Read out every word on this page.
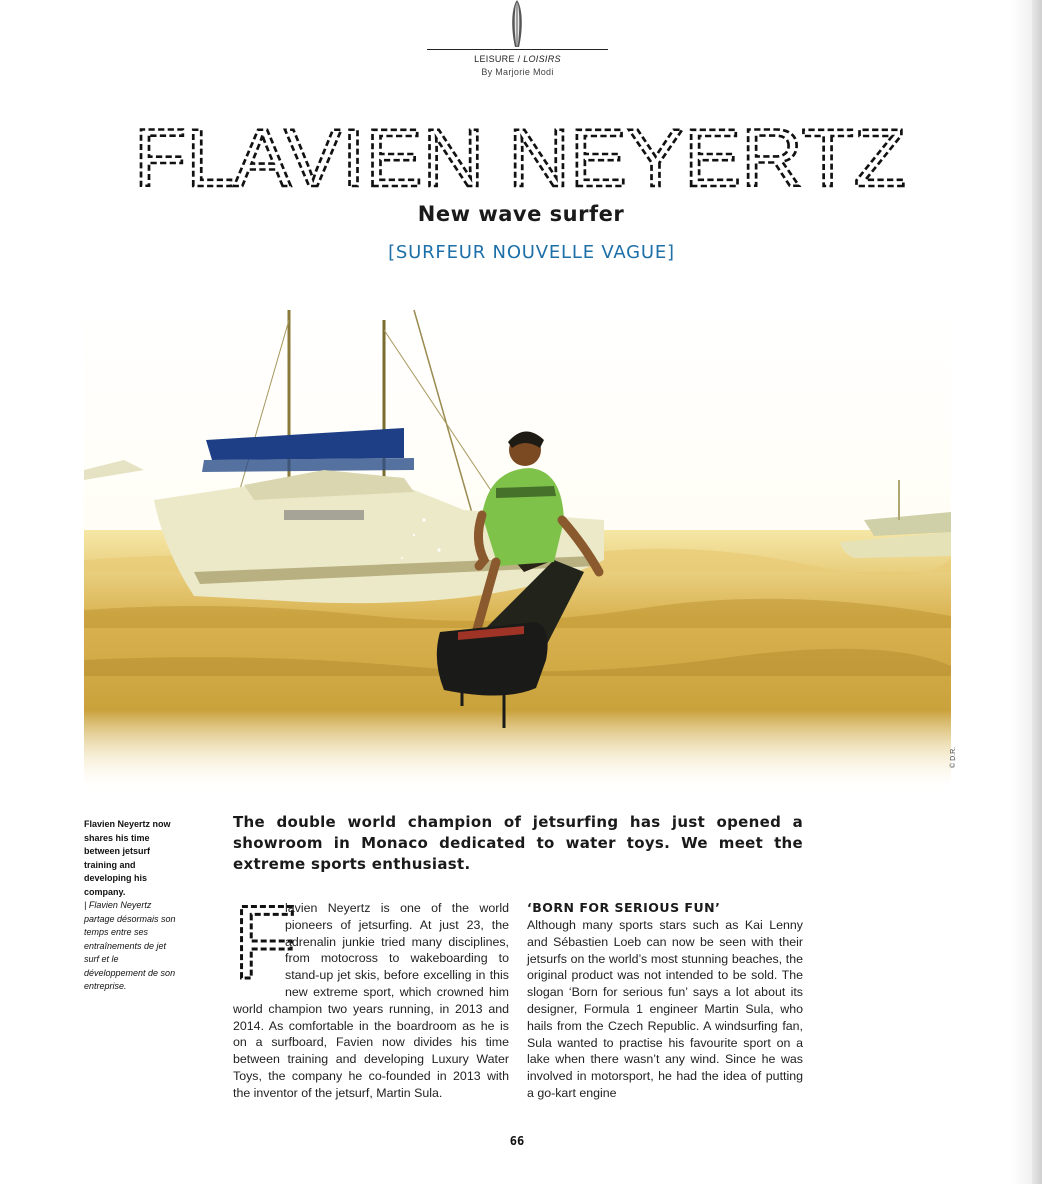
LEISURE / LOISIRS
By Marjorie Modi
FLAVIEN NEYERTZ
New wave surfer
[SURFEUR NOUVELLE VAGUE]
© D.R.
Flavien Neyertz now shares his time between jetsurf training and developing his company.
| Flavien Neyertz partage désormais son temps entre ses entraînements de jet surf et le développement de son entreprise.
The double world champion of jetsurfing has just opened a showroom in Monaco dedicated to water toys. We meet the extreme sports enthusiast.
F
lavien Neyertz is one of the world pioneers of jetsurfing. At just 23, the adrenalin junkie tried many disciplines, from motocross to wakeboarding to stand-up jet skis, before excelling in this new extreme sport, which crowned him world champion two years running, in 2013 and 2014. As comfortable in the boardroom as he is on a surfboard, Favien now divides his time between training and developing Luxury Water Toys, the company he co-founded in 2013 with the inventor of the jetsurf, Martin Sula.
‘BORN FOR SERIOUS FUN’
Although many sports stars such as Kai Lenny and Sébastien Loeb can now be seen with their jetsurfs on the world’s most stunning beaches, the original product was not intended to be sold. The slogan ‘Born for serious fun’ says a lot about its designer, Formula 1 engineer Martin Sula, who hails from the Czech Republic. A windsurfing fan, Sula wanted to practise his favourite sport on a lake when there wasn’t any wind. Since he was involved in motorsport, he had the idea of putting a go-kart engine
66
